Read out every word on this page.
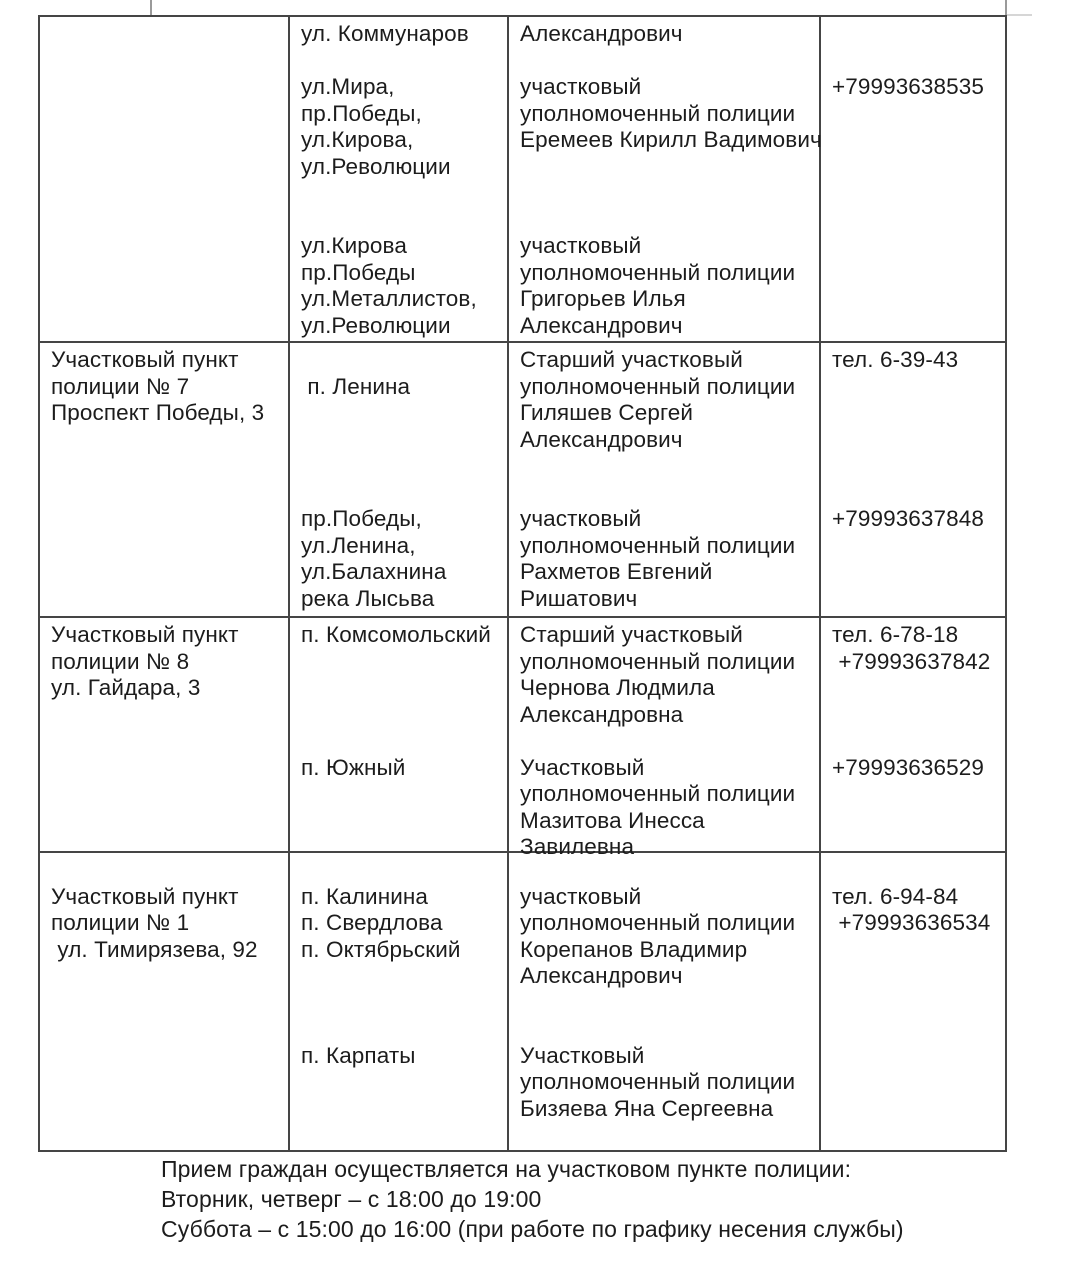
ул. Коммунаров
ул.Мира,
пр.Победы,
ул.Кирова,
ул.Революции
ул.Кирова
пр.Победы
ул.Металлистов,
ул.Революции
Александрович
участковый
уполномоченный полиции
Еремеев Кирилл Вадимович
участковый
уполномоченный полиции
Григорьев Илья
Александрович
+79993638535
Участковый пункт
полиции № 7
Проспект Победы, 3
п. Ленина
пр.Победы,
ул.Ленина,
ул.Балахнина
река Лысьва
Старший участковый
уполномоченный полиции
Гиляшев Сергей
Александрович
участковый
уполномоченный полиции
Рахметов Евгений
Ришатович
тел. 6-39-43
+79993637848
Участковый пункт
полиции № 8
ул. Гайдара, 3
п. Комсомольский
п. Южный
Старший участковый
уполномоченный полиции
Чернова Людмила
Александровна
Участковый
уполномоченный полиции
Мазитова Инесса
Завилевна
тел. 6-78-18
+79993637842
+79993636529
Участковый пункт
полиции № 1
ул. Тимирязева, 92
п. Калинина
п. Свердлова
п. Октябрьский
п. Карпаты
участковый
уполномоченный полиции
Корепанов Владимир
Александрович
Участковый
уполномоченный полиции
Бизяева Яна Сергеевна
тел. 6-94-84
+79993636534
Прием граждан осуществляется на участковом пункте полиции:
Вторник, четверг – с 18:00 до 19:00
Суббота – с 15:00 до 16:00 (при работе по графику несения службы)
